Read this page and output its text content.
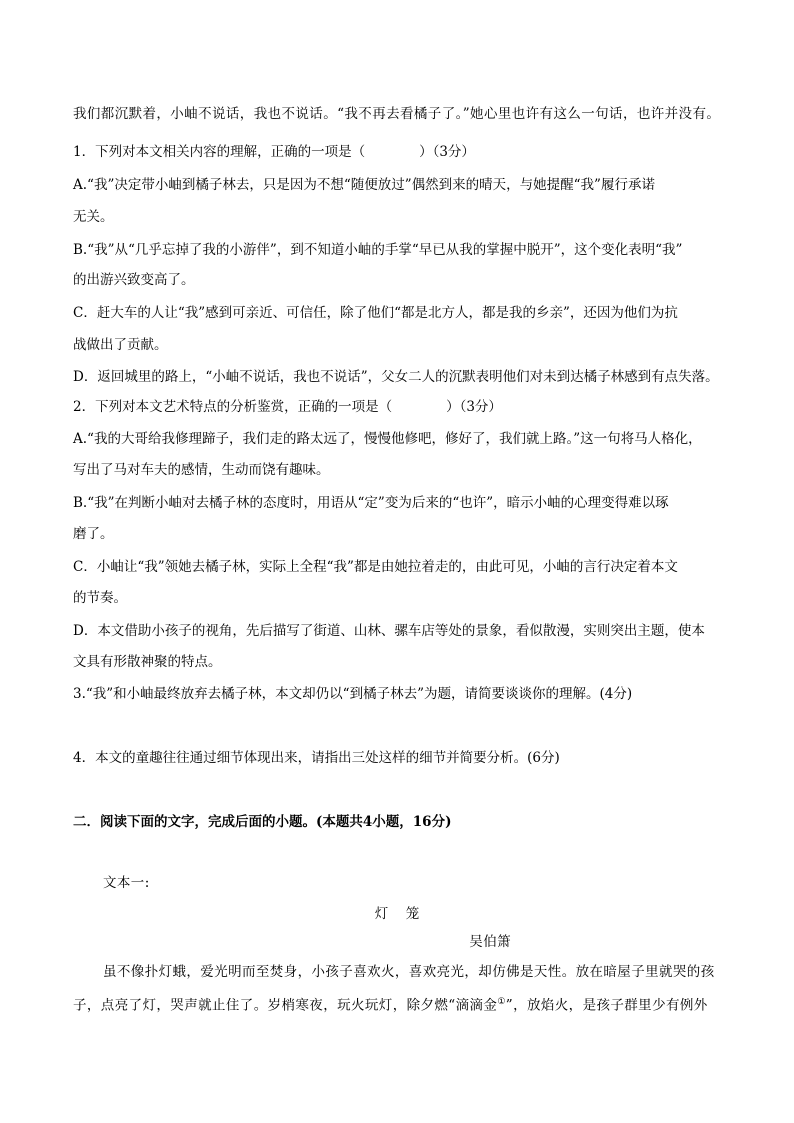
我们都沉默着，小岫不说话，我也不说话。“我不再去看橘子了。”她心里也许有这么一句话，也许并没有。
1．下列对本文相关内容的理解，正确的一项是（　　　　）（3分）
A.“我”决定带小岫到橘子林去，只是因为不想“随便放过”偶然到来的晴天，与她提醒“我”履行承诺
无关。
B.“我”从“几乎忘掉了我的小游伴”，到不知道小岫的手掌“早已从我的掌握中脱开”，这个变化表明“我”
的出游兴致变高了。
C．赶大车的人让“我”感到可亲近、可信任，除了他们“都是北方人，都是我的乡亲”，还因为他们为抗
战做出了贡献。
D．返回城里的路上，“小岫不说话，我也不说话”，父女二人的沉默表明他们对未到达橘子林感到有点失落。
2．下列对本文艺术特点的分析鉴赏，正确的一项是（　　　　）（3分）
A.“我的大哥给我修理蹄子，我们走的路太远了，慢慢他修吧，修好了，我们就上路。”这一句将马人格化，
写出了马对车夫的感情，生动而饶有趣味。
B.“我”在判断小岫对去橘子林的态度时，用语从“定”变为后来的“也许”，暗示小岫的心理变得难以琢
磨了。
C．小岫让“我”领她去橘子林，实际上全程“我”都是由她拉着走的，由此可见，小岫的言行决定着本文
的节奏。
D．本文借助小孩子的视角，先后描写了街道、山林、骡车店等处的景象，看似散漫，实则突出主题，使本
文具有形散神聚的特点。
3.“我”和小岫最终放弃去橘子林，本文却仍以“到橘子林去”为题，请简要谈谈你的理解。(4分)
4．本文的童趣往往通过细节体现出来，请指出三处这样的细节并简要分析。(6分)
二．阅读下面的文字，完成后面的小题。(本题共4小题，16分)
文本一:
灯　笼
吴伯箫
虽不像扑灯蛾，爱光明而至焚身，小孩子喜欢火，喜欢亮光，却仿佛是天性。放在暗屋子里就哭的孩
子，点亮了灯，哭声就止住了。岁梢寒夜，玩火玩灯，除夕燃“滴滴金①”，放焰火，是孩子群里少有例外
